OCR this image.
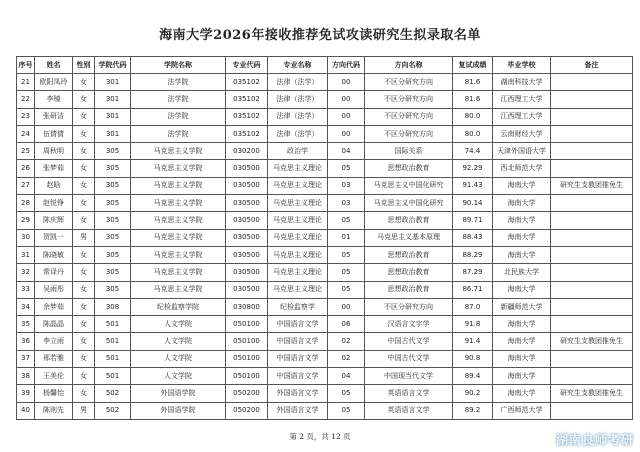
海南大学2026年接收推荐免试攻读研究生拟录取名单
序号	姓名	性别	学院代码	学院名称	专业代码	专业名称	方向代码	方向名称	复试成绩	毕业学校	备注
21	欧阳凤玲	女	301	法学院	035102	法律（法学）	00	不区分研究方向	81.6	湖南科技大学	
22	李镜	女	301	法学院	035102	法律（法学）	00	不区分研究方向	81.6	江西理工大学	
23	张研洁	女	301	法学院	035102	法律（法学）	00	不区分研究方向	80.0	江西理工大学	
24	伍倩倩	女	301	法学院	035102	法律（法学）	00	不区分研究方向	80.0	云南财经大学	
25	周秋明	女	305	马克思主义学院	030200	政治学	04	国际关系	74.4	天津外国语大学	
26	张梦茹	女	305	马克思主义学院	030500	马克思主义理论	05	思想政治教育	92.29	西北师范大学	
27	赵晗	女	305	马克思主义学院	030500	马克思主义理论	03	马克思主义中国化研究	91.43	海南大学	研究生支教团推免生
28	赵悦铮	女	305	马克思主义学院	030500	马克思主义理论	03	马克思主义中国化研究	90.14	海南大学	
29	陈庆辉	女	305	马克思主义学院	030500	马克思主义理论	05	思想政治教育	89.71	海南大学	
30	贺凯一	男	305	马克思主义学院	030500	马克思主义理论	01	马克思主义基本原理	88.43	海南大学	
31	陈晓敏	女	305	马克思主义学院	030500	马克思主义理论	05	思想政治教育	88.29	海南大学	
32	常译丹	女	305	马克思主义学院	030500	马克思主义理论	05	思想政治教育	87.29	北民族大学	
33	吴雨彤	女	305	马克思主义学院	030500	马克思主义理论	05	思想政治教育	86.71	海南大学	
34	余梦茹	女	308	纪检监察学院	030800	纪检监察学	00	不区分研究方向	87.0	新疆师范大学	
35	陈晶晶	女	501	人文学院	050100	中国语言文学	06	汉语言文字学	91.8	海南大学	
36	李立雨	女	501	人文学院	050100	中国语言文学	02	中国古代文学	91.4	海南大学	研究生支教团推免生
37	邢若雅	女	501	人文学院	050100	中国语言文学	02	中国古代文学	90.8	海南大学	
38	王美伦	女	501	人文学院	050100	中国语言文学	04	中国现当代文学	89.4	海南大学	
39	杨馨怡	女	502	外国语学院	050200	外国语言文学	05	英语语言文学	90.2	海南大学	研究生支教团推免生
40	陈则先	男	502	外国语学院	050200	外国语言文学	05	英语语言文学	89.2	广西师范大学	
第 2 页，共 12 页	湖南良师考研
